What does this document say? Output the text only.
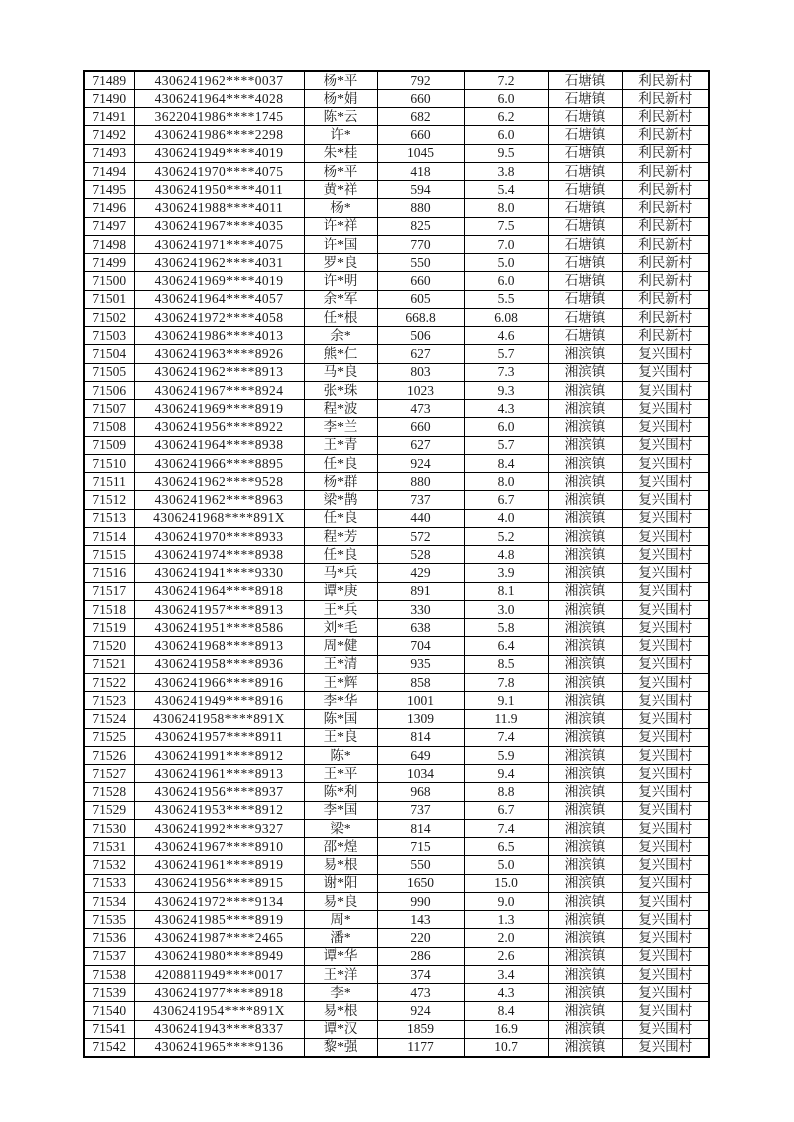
71489	4306241962****0037	杨*平	792	7.2	石塘镇	利民新村
71490	4306241964****4028	杨*娟	660	6.0	石塘镇	利民新村
71491	3622041986****1745	陈*云	682	6.2	石塘镇	利民新村
71492	4306241986****2298	许*	660	6.0	石塘镇	利民新村
71493	4306241949****4019	朱*桂	1045	9.5	石塘镇	利民新村
71494	4306241970****4075	杨*平	418	3.8	石塘镇	利民新村
71495	4306241950****4011	黄*祥	594	5.4	石塘镇	利民新村
71496	4306241988****4011	杨*	880	8.0	石塘镇	利民新村
71497	4306241967****4035	许*祥	825	7.5	石塘镇	利民新村
71498	4306241971****4075	许*国	770	7.0	石塘镇	利民新村
71499	4306241962****4031	罗*良	550	5.0	石塘镇	利民新村
71500	4306241969****4019	许*明	660	6.0	石塘镇	利民新村
71501	4306241964****4057	余*军	605	5.5	石塘镇	利民新村
71502	4306241972****4058	任*根	668.8	6.08	石塘镇	利民新村
71503	4306241986****4013	余*	506	4.6	石塘镇	利民新村
71504	4306241963****8926	熊*仁	627	5.7	湘滨镇	复兴围村
71505	4306241962****8913	马*良	803	7.3	湘滨镇	复兴围村
71506	4306241967****8924	张*珠	1023	9.3	湘滨镇	复兴围村
71507	4306241969****8919	程*波	473	4.3	湘滨镇	复兴围村
71508	4306241956****8922	李*兰	660	6.0	湘滨镇	复兴围村
71509	4306241964****8938	王*青	627	5.7	湘滨镇	复兴围村
71510	4306241966****8895	任*良	924	8.4	湘滨镇	复兴围村
71511	4306241962****9528	杨*群	880	8.0	湘滨镇	复兴围村
71512	4306241962****8963	梁*鹊	737	6.7	湘滨镇	复兴围村
71513	4306241968****891X	任*良	440	4.0	湘滨镇	复兴围村
71514	4306241970****8933	程*芳	572	5.2	湘滨镇	复兴围村
71515	4306241974****8938	任*良	528	4.8	湘滨镇	复兴围村
71516	4306241941****9330	马*兵	429	3.9	湘滨镇	复兴围村
71517	4306241964****8918	谭*庚	891	8.1	湘滨镇	复兴围村
71518	4306241957****8913	王*兵	330	3.0	湘滨镇	复兴围村
71519	4306241951****8586	刘*毛	638	5.8	湘滨镇	复兴围村
71520	4306241968****8913	周*健	704	6.4	湘滨镇	复兴围村
71521	4306241958****8936	王*清	935	8.5	湘滨镇	复兴围村
71522	4306241966****8916	王*辉	858	7.8	湘滨镇	复兴围村
71523	4306241949****8916	李*华	1001	9.1	湘滨镇	复兴围村
71524	4306241958****891X	陈*国	1309	11.9	湘滨镇	复兴围村
71525	4306241957****8911	王*良	814	7.4	湘滨镇	复兴围村
71526	4306241991****8912	陈*	649	5.9	湘滨镇	复兴围村
71527	4306241961****8913	王*平	1034	9.4	湘滨镇	复兴围村
71528	4306241956****8937	陈*利	968	8.8	湘滨镇	复兴围村
71529	4306241953****8912	李*国	737	6.7	湘滨镇	复兴围村
71530	4306241992****9327	梁*	814	7.4	湘滨镇	复兴围村
71531	4306241967****8910	邵*煌	715	6.5	湘滨镇	复兴围村
71532	4306241961****8919	易*根	550	5.0	湘滨镇	复兴围村
71533	4306241956****8915	谢*阳	1650	15.0	湘滨镇	复兴围村
71534	4306241972****9134	易*良	990	9.0	湘滨镇	复兴围村
71535	4306241985****8919	周*	143	1.3	湘滨镇	复兴围村
71536	4306241987****2465	潘*	220	2.0	湘滨镇	复兴围村
71537	4306241980****8949	谭*华	286	2.6	湘滨镇	复兴围村
71538	4208811949****0017	王*洋	374	3.4	湘滨镇	复兴围村
71539	4306241977****8918	李*	473	4.3	湘滨镇	复兴围村
71540	4306241954****891X	易*根	924	8.4	湘滨镇	复兴围村
71541	4306241943****8337	谭*汉	1859	16.9	湘滨镇	复兴围村
71542	4306241965****9136	黎*强	1177	10.7	湘滨镇	复兴围村
